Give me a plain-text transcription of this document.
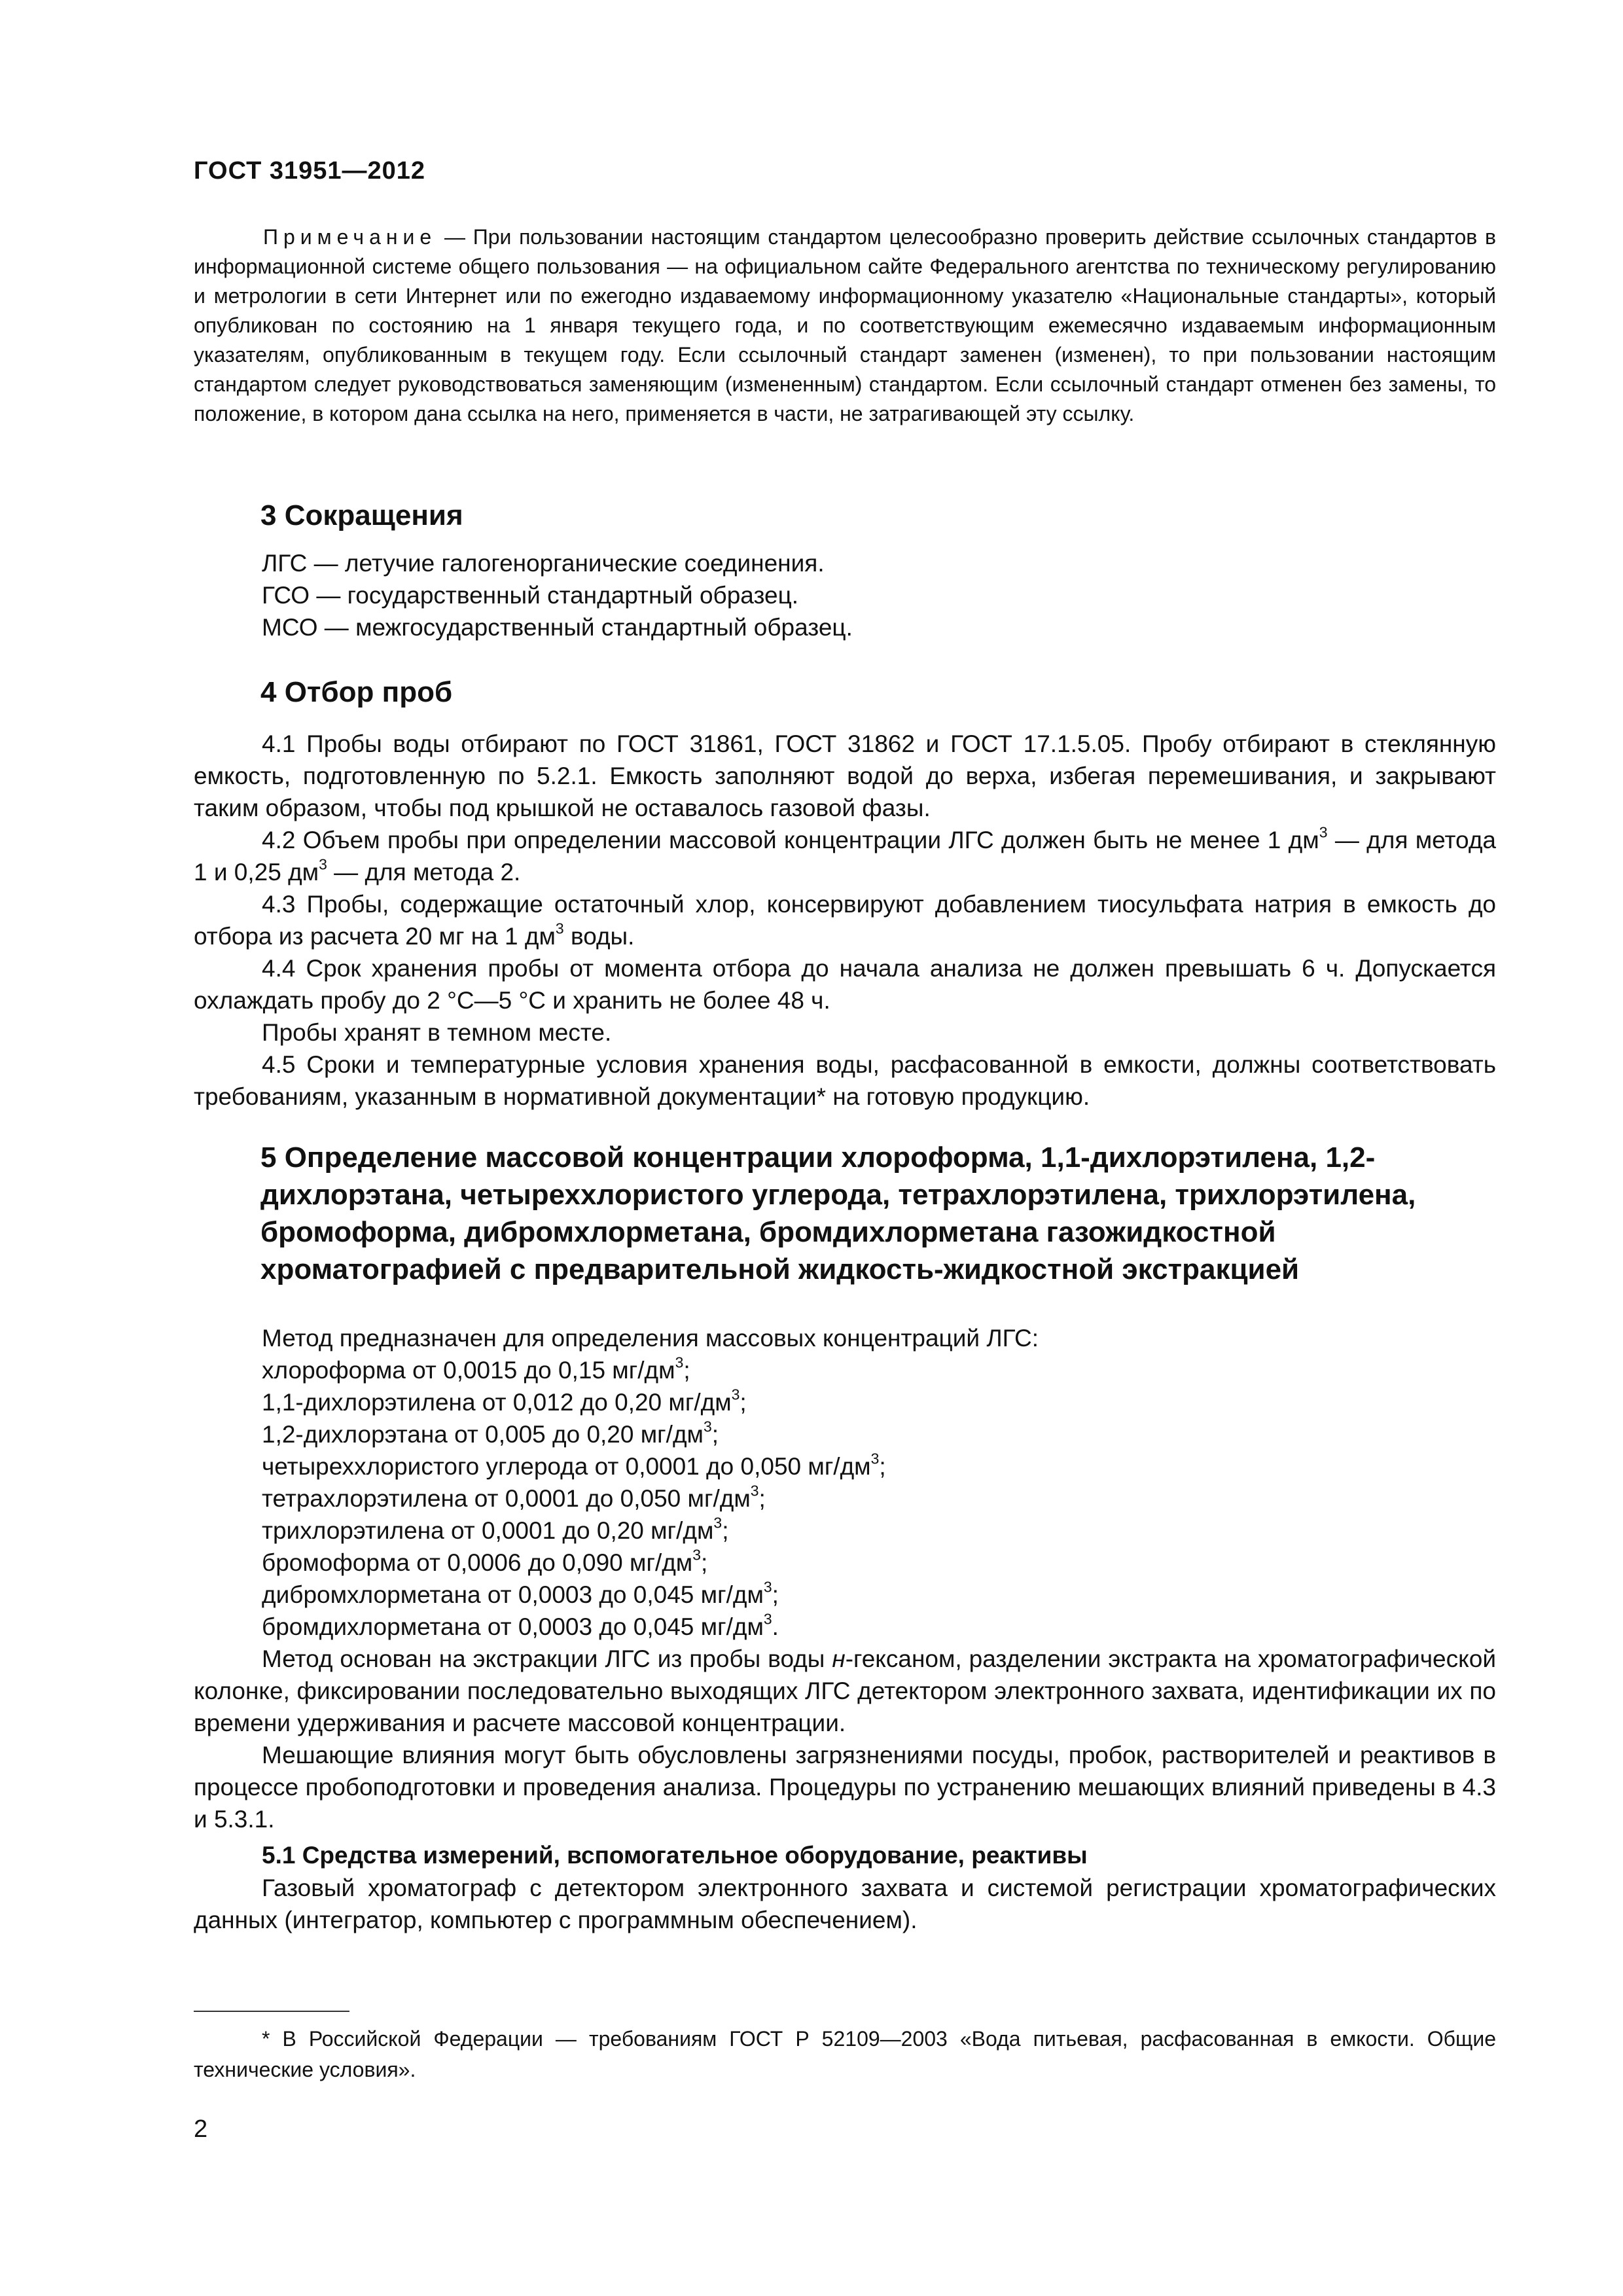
ГОСТ 31951—2012
Примечание — При пользовании настоящим стандартом целесообразно проверить действие ссылочных стандартов в информационной системе общего пользования — на официальном сайте Федерального агентства по техническому регулированию и метрологии в сети Интернет или по ежегодно издаваемому информационному указателю «Национальные стандарты», который опубликован по состоянию на 1 января текущего года, и по соответствующим ежемесячно издаваемым информационным указателям, опубликованным в текущем году. Если ссылочный стандарт заменен (изменен), то при пользовании настоящим стандартом следует руководствоваться заменяющим (измененным) стандартом. Если ссылочный стандарт отменен без замены, то положение, в котором дана ссылка на него, применяется в части, не затрагивающей эту ссылку.
3 Сокращения

ЛГС — летучие галогенорганические соединения.

ГСО — государственный стандартный образец.

МСО — межгосударственный стандартный образец.

4 Отбор проб

4.1 Пробы воды отбирают по ГОСТ 31861, ГОСТ 31862 и ГОСТ 17.1.5.05. Пробу отбирают в стеклянную емкость, подготовленную по 5.2.1. Емкость заполняют водой до верха, избегая перемешивания, и закрывают таким образом, чтобы под крышкой не оставалось газовой фазы.

4.2 Объем пробы при определении массовой концентрации ЛГС должен быть не менее 1 $дм^3$ — для метода 1 и 0,25 $дм^3$ — для метода 2.

4.3 Пробы, содержащие остаточный хлор, консервируют добавлением тиосульфата натрия в емкость до отбора из расчета 20 мг на 1 $дм^3$ воды.

4.4 Срок хранения пробы от момента отбора до начала анализа не должен превышать 6 ч. Допускается охлаждать пробу до 2 °С—5 °С и хранить не более 48 ч.

Пробы хранят в темном месте.

4.5 Сроки и температурные условия хранения воды, расфасованной в емкости, должны соответствовать требованиям, указанным в нормативной документации* на готовую продукцию.

5 Определение массовой концентрации хлороформа, 1,1-дихлорэтилена, 1,2-дихлорэтана, четыреххлористого углерода, тетрахлорэтилена, трихлорэтилена, бромоформа, дибромхлорметана, бромдихлорметана газожидкостной хроматографией с предварительной жидкость-жидкостной экстракцией

Метод предназначен для определения массовых концентраций ЛГС:

хлороформа от 0,0015 до 0,15 $мг/дм^3$;

1,1-дихлорэтилена от 0,012 до 0,20 $мг/дм^3$;

1,2-дихлорэтана от 0,005 до 0,20 $мг/дм^3$;

четыреххлористого углерода от 0,0001 до 0,050 $мг/дм^3$;

тетрахлорэтилена от 0,0001 до 0,050 $мг/дм^3$;

трихлорэтилена от 0,0001 до 0,20 $мг/дм^3$;

бромоформа от 0,0006 до 0,090 $мг/дм^3$;

дибромхлорметана от 0,0003 до 0,045 $мг/дм^3$;

бромдихлорметана от 0,0003 до 0,045 $мг/дм^3$.

Метод основан на экстракции ЛГС из пробы воды н-гексаном, разделении экстракта на хроматографической колонке, фиксировании последовательно выходящих ЛГС детектором электронного захвата, идентификации их по времени удерживания и расчете массовой концентрации.

Мешающие влияния могут быть обусловлены загрязнениями посуды, пробок, растворителей и реактивов в процессе пробоподготовки и проведения анализа. Процедуры по устранению мешающих влияний приведены в 4.3 и 5.3.1.

5.1 Средства измерений, вспомогательное оборудование, реактивы

Газовый хроматограф с детектором электронного захвата и системой регистрации хроматографических данных (интегратор, компьютер с программным обеспечением).

* В Российской Федерации — требованиям ГОСТ Р 52109—2003 «Вода питьевая, расфасованная в емкости. Общие технические условия».
2
